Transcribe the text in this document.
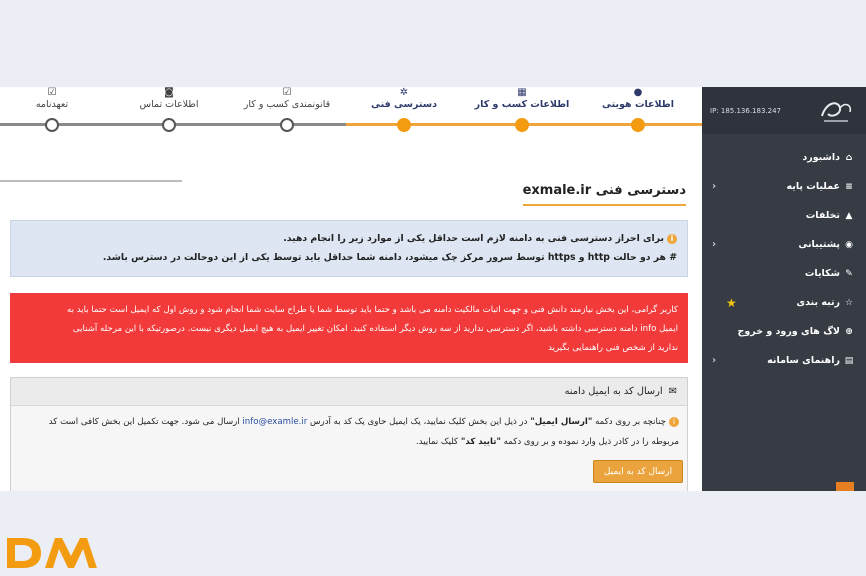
IP: 185.136.183.247
⌂
داشبورد
≡
عملیات پایه
‹
▲
تخلفات
◉
پشتیبانی
‹
✎
شکایات
☆
رتبه بندی
★
⊕
لاگ های ورود و خروج
▤
راهنمای سامانه
‹
●
اطلاعات هویتی
▦
اطلاعات کسب و کار
✲
دسترسی فنی
☑
قانونمندی کسب و کار
◙
اطلاعات تماس
☑
تعهدنامه
دسترسی فنی exmale.ir

iبرای احراز دسترسی فنی به دامنه لازم است حداقل یکی از موارد زیر را انجام دهید.

# هر دو حالت http و https توسط سرور مرکز چک میشود، دامنه شما حداقل باید توسط یکی از این دوحالت در دسترس باشد.

کاربر گرامی، این بخش نیازمند دانش فنی و جهت اثبات مالکیت دامنه می باشد و حتما باید توسط شما یا طراح سایت شما انجام شود و روش اول که ایمیل است حتما باید به

ایمیل info دامنه دسترسی داشته باشید، اگر دسترسی ندارید از سه روش دیگر استفاده کنید. امکان تغییر ایمیل به هیچ ایمیل دیگری نیست. درصورتیکه با این مرحله آشنایی

ندارید از شخص فنی راهنمایی بگیرید

✉
ارسال کد به ایمیل دامنه

iچنانچه بر روی دکمه "ارسال ایمیل" در ذیل این بخش کلیک نمایید، یک ایمیل حاوی یک کد به آدرس info@examle.ir ارسال می شود. جهت تکمیل این بخش کافی است کد

مربوطه را در کادر ذیل وارد نموده و بر روی دکمه "تایید کد" کلیک نمایید.

ارسال کد به ایمیل
